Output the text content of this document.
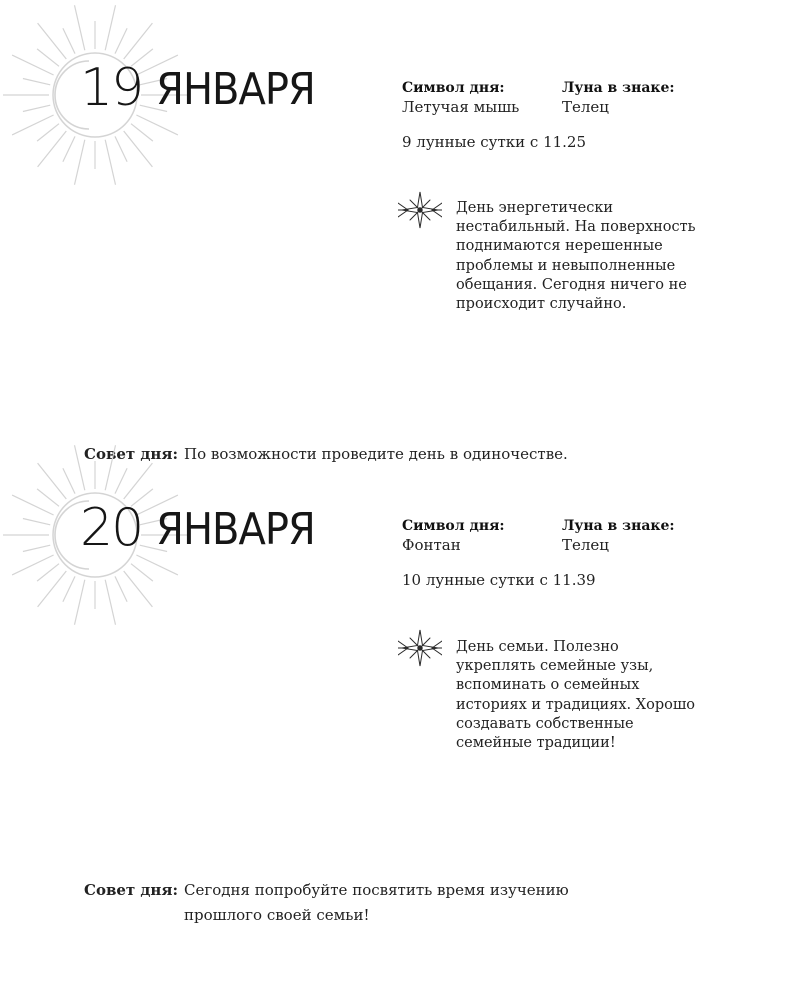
19 ЯНВАРЯ	Символ дня:
Летучая мышь
Луна в знаке:
Телец
9 лунные сутки с 11.25

День энергетически нестабильный. На поверхность поднимаются нерешенные проблемы и невыполненные обещания. Сегодня ничего не происходит случайно.

Совет дня: По возможности проведите день в одиночестве.
20 ЯНВАРЯ	Символ дня:
Фонтан
Луна в знаке:
Телец
10 лунные сутки с 11.39

День семьи. Полезно укреплять семейные узы, вспоминать о семейных историях и традициях. Хорошо создавать собственные семейные традиции!

Совет дня: Сегодня попробуйте посвятить время изучению прошлого своей семьи!
